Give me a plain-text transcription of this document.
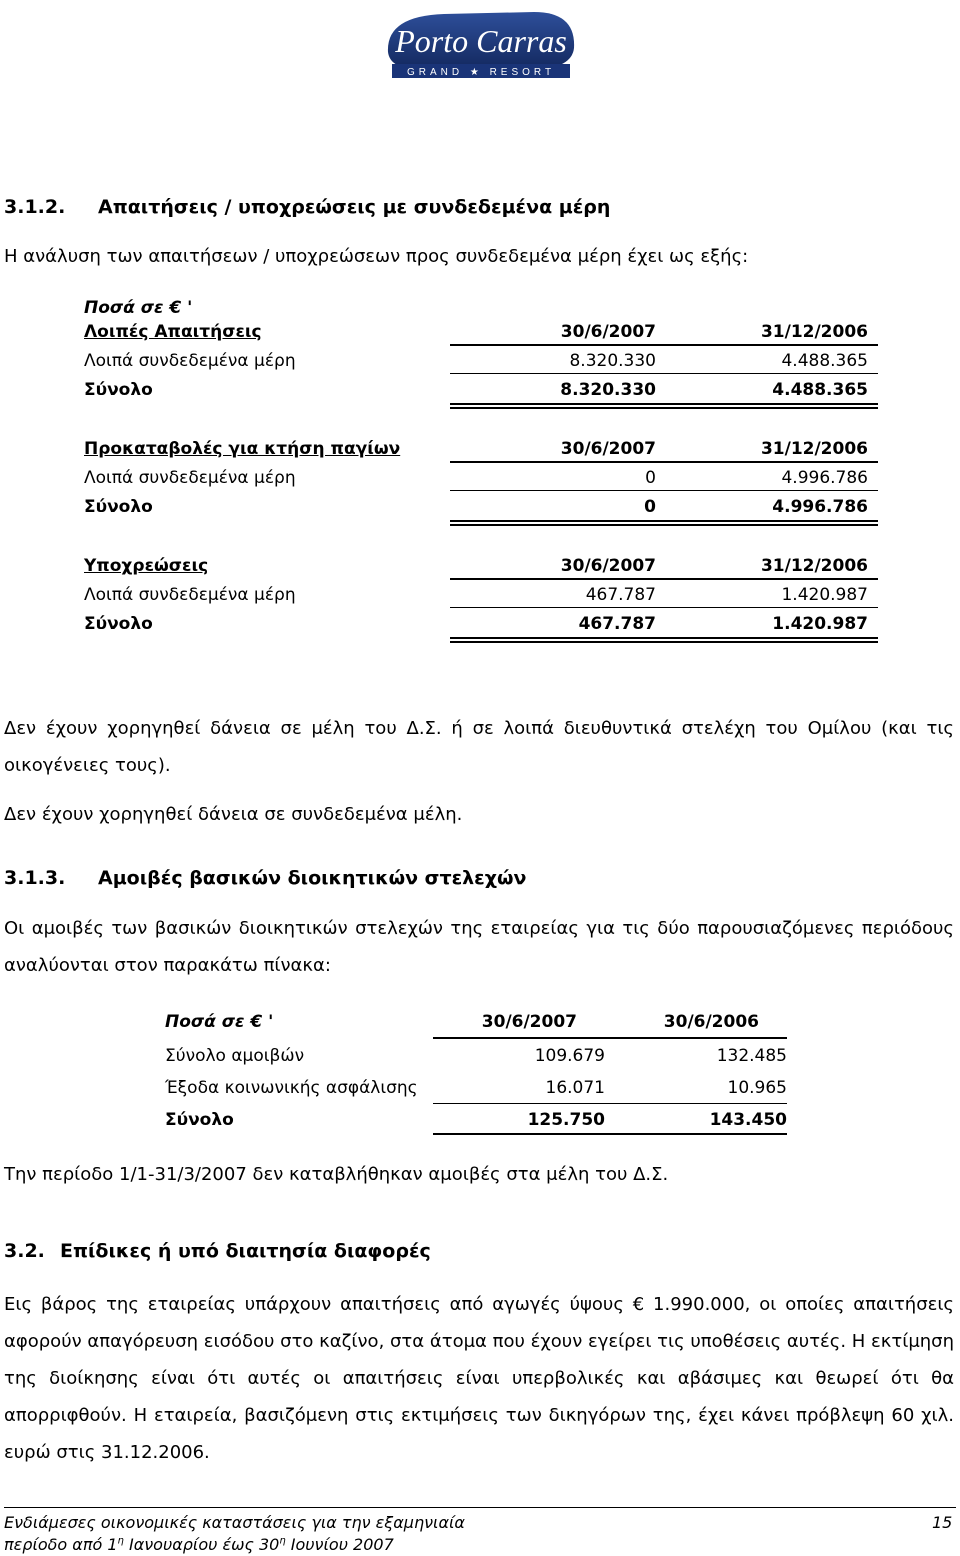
Porto Carras
GRAND ★ RESORT
3.1.2. Απαιτήσεις / υποχρεώσεις με συνδεδεμένα μέρη
Η ανάλυση των απαιτήσεων / υποχρεώσεων προς συνδεδεμένα μέρη έχει ως εξής:
Ποσά σε € '
Λοιπές Απαιτήσεις	30/6/2007	31/12/2006
Λοιπά συνδεδεμένα μέρη	8.320.330	4.488.365
Σύνολο	8.320.330	4.488.365
Προκαταβολές για κτήση παγίων	30/6/2007	31/12/2006
Λοιπά συνδεδεμένα μέρη	0	4.996.786
Σύνολο	0	4.996.786
Υποχρεώσεις	30/6/2007	31/12/2006
Λοιπά συνδεδεμένα μέρη	467.787	1.420.987
Σύνολο	467.787	1.420.987
Δεν έχουν χορηγηθεί δάνεια σε μέλη του Δ.Σ. ή σε λοιπά διευθυντικά στελέχη του Ομίλου (και τις οικογένειες τους).
Δεν έχουν χορηγηθεί δάνεια σε συνδεδεμένα μέλη.
3.1.3. Αμοιβές βασικών διοικητικών στελεχών
Οι αμοιβές των βασικών διοικητικών στελεχών της εταιρείας για τις δύο παρουσιαζόμενες περιόδους αναλύονται στον παρακάτω πίνακα:
Ποσά σε € '	30/6/2007	30/6/2006
Σύνολο αμοιβών	109.679	132.485
Έξοδα κοινωνικής ασφάλισης	16.071	10.965
Σύνολο	125.750	143.450
Την περίοδο 1/1-31/3/2007 δεν καταβλήθηκαν αμοιβές στα μέλη του Δ.Σ.
3.2. Επίδικες ή υπό διαιτησία διαφορές
Εις βάρος της εταιρείας υπάρχουν απαιτήσεις από αγωγές ύψους € 1.990.000, οι οποίες απαιτήσεις αφορούν απαγόρευση εισόδου στο καζίνο, στα άτομα που έχουν εγείρει τις υποθέσεις αυτές. Η εκτίμηση της διοίκησης είναι ότι αυτές οι απαιτήσεις είναι υπερβολικές και αβάσιμες και θεωρεί ότι θα απορριφθούν. Η εταιρεία, βασιζόμενη στις εκτιμήσεις των δικηγόρων της, έχει κάνει πρόβλεψη 60 χιλ. ευρώ στις 31.12.2006.
Ενδιάμεσες οικονομικές καταστάσεις για την εξαμηνιαία
περίοδο από $1^\eta$ Ιανουαρίου έως $30^\eta$ Ιουνίου 2007
15
